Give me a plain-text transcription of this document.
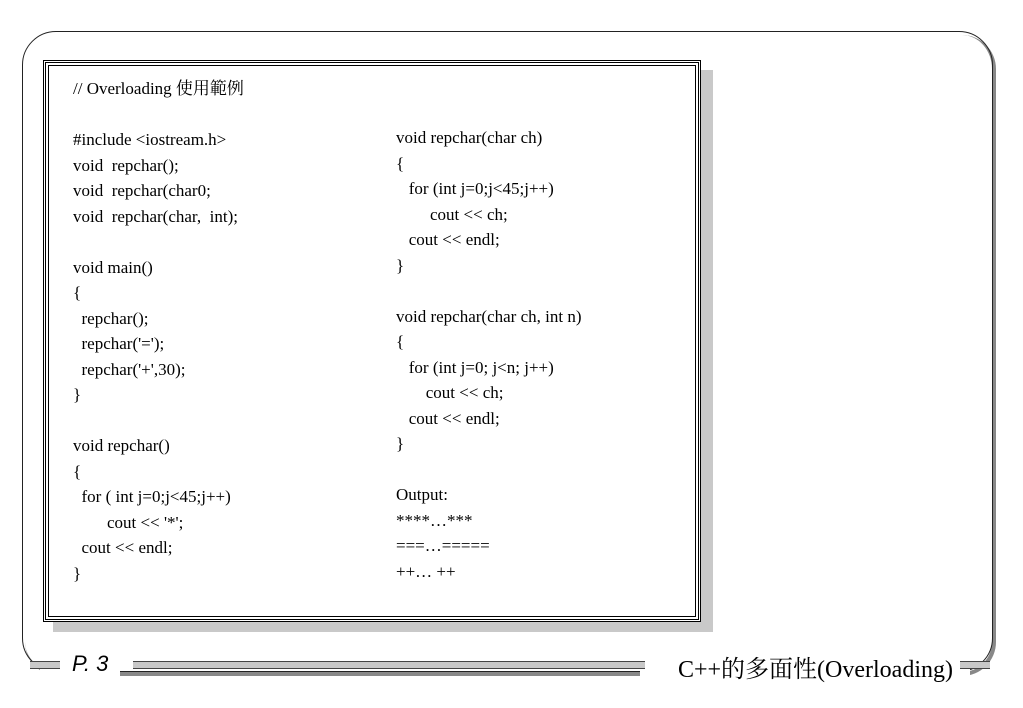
P. 3	C++的多面性(Overloading)
// Overloading 使用範例
#include <iostream.h>
void  repchar();
void  repchar(char0;
void  repchar(char,  int);
void main()
{
repchar();
repchar('=');
repchar('+',30);
}
void repchar()
{
for ( int j=0;j<45;j++)
cout << '*';
cout << endl;
}
void repchar(char ch)
{
for (int j=0;j<45;j++)
cout << ch;
cout << endl;
}
void repchar(char ch, int n)
{
for (int j=0; j<n; j++)
cout << ch;
cout << endl;
}
Output:
****…***
===…=====
++… ++
